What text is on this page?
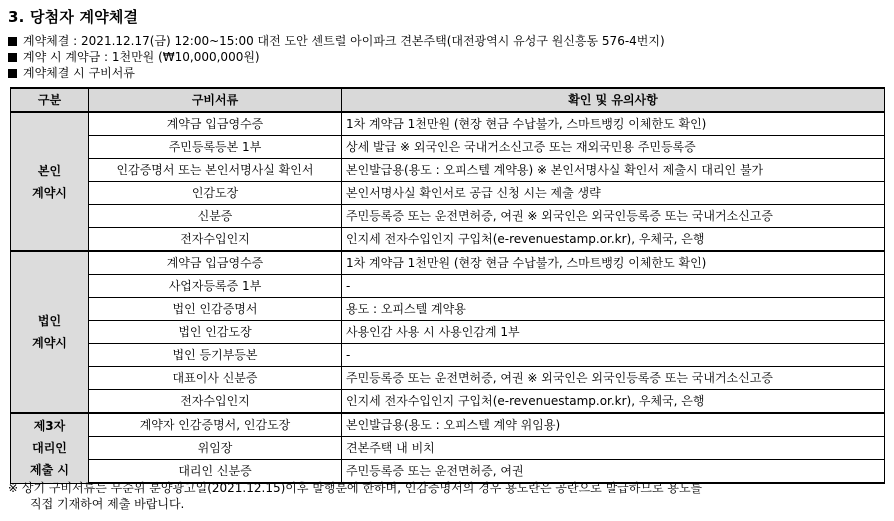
3. 당첨자 계약체결
계약체결 : 2021.12.17(금) 12:00~15:00 대전 도안 센트럴 아이파크 견본주택(대전광역시 유성구 원신흥동 576-4번지)
계약 시 계약금 : 1천만원 (₩10,000,000원)
계약체결 시 구비서류
구분	구비서류	확인 및 유의사항

본인
계약시	계약금 입금영수증	1차 계약금 1천만원 (현장 현금 수납불가, 스마트뱅킹 이체한도 확인)
	주민등록등본 1부	상세 발급 ※ 외국인은 국내거소신고증 또는 재외국민용 주민등록증
	인감증명서 또는 본인서명사실 확인서	본인발급용(용도 : 오피스텔 계약용) ※ 본인서명사실 확인서 제출시 대리인 불가
	인감도장	본인서명사실 확인서로 공급 신청 시는 제출 생략
	신분증	주민등록증 또는 운전면허증, 여권 ※ 외국인은 외국인등록증 또는 국내거소신고증
	전자수입인지	인지세 전자수입인지 구입처(e-revenuestamp.or.kr), 우체국, 은행

법인
계약시	계약금 입금영수증	1차 계약금 1천만원 (현장 현금 수납불가, 스마트뱅킹 이체한도 확인)
	사업자등록증 1부	-
	법인 인감증명서	용도 : 오피스텔 계약용
	법인 인감도장	사용인감 사용 시 사용인감계 1부
	법인 등기부등본	-
	대표이사 신분증	주민등록증 또는 운전면허증, 여권 ※ 외국인은 외국인등록증 또는 국내거소신고증
	전자수입인지	인지세 전자수입인지 구입처(e-revenuestamp.or.kr), 우체국, 은행

제3자
대리인
제출 시	계약자 인감증명서, 인감도장	본인발급용(용도 : 오피스텔 계약 위임용)
	위임장	견본주택 내 비치
	대리인 신분증	주민등록증 또는 운전면허증, 여권
※ 상기 구비서류는 무순위 분양광고일(2021.12.15)이후 발행분에 한하며, 인감증명서의 경우 용도란은 공란으로 발급하므로 용도를
직접 기재하여 제출 바랍니다.
